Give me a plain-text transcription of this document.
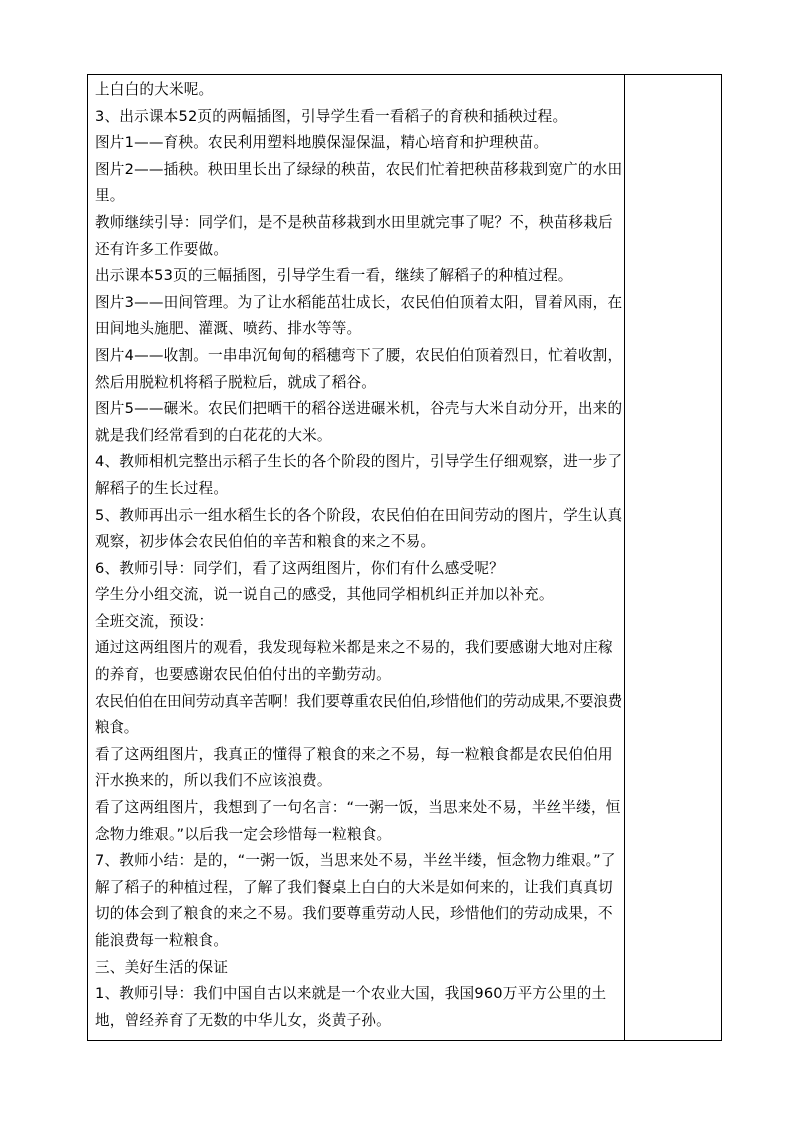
上白白的大米呢。

3、出示课本52页的两幅插图，引导学生看一看稻子的育秧和插秧过程。

图片1——育秧。农民利用塑料地膜保湿保温，精心培育和护理秧苗。

图片2——插秧。秧田里长出了绿绿的秧苗，农民们忙着把秧苗移栽到宽广的水田里。

教师继续引导：同学们，是不是秧苗移栽到水田里就完事了呢？不，秧苗移栽后还有许多工作要做。

出示课本53页的三幅插图，引导学生看一看，继续了解稻子的种植过程。

图片3——田间管理。为了让水稻能茁壮成长，农民伯伯顶着太阳，冒着风雨，在田间地头施肥、灌溉、喷药、排水等等。

图片4——收割。一串串沉甸甸的稻穗弯下了腰，农民伯伯顶着烈日，忙着收割，然后用脱粒机将稻子脱粒后，就成了稻谷。

图片5——碾米。农民们把晒干的稻谷送进碾米机，谷壳与大米自动分开，出来的就是我们经常看到的白花花的大米。

4、教师相机完整出示稻子生长的各个阶段的图片，引导学生仔细观察，进一步了解稻子的生长过程。

5、教师再出示一组水稻生长的各个阶段，农民伯伯在田间劳动的图片，学生认真观察，初步体会农民伯伯的辛苦和粮食的来之不易。

6、教师引导：同学们，看了这两组图片，你们有什么感受呢？

学生分小组交流，说一说自己的感受，其他同学相机纠正并加以补充。

全班交流，预设：

通过这两组图片的观看，我发现每粒米都是来之不易的，我们要感谢大地对庄稼的养育，也要感谢农民伯伯付出的辛勤劳动。

农民伯伯在田间劳动真辛苦啊！我们要尊重农民伯伯,珍惜他们的劳动成果,不要浪费粮食。

看了这两组图片，我真正的懂得了粮食的来之不易，每一粒粮食都是农民伯伯用汗水换来的，所以我们不应该浪费。

看了这两组图片，我想到了一句名言：“一粥一饭，当思来处不易，半丝半缕，恒念物力维艰。”以后我一定会珍惜每一粒粮食。

7、教师小结：是的，“一粥一饭，当思来处不易，半丝半缕，恒念物力维艰。”了解了稻子的种植过程，了解了我们餐桌上白白的大米是如何来的，让我们真真切切的体会到了粮食的来之不易。我们要尊重劳动人民，珍惜他们的劳动成果，不能浪费每一粒粮食。

三、美好生活的保证

1、教师引导：我们中国自古以来就是一个农业大国，我国960万平方公里的土地，曾经养育了无数的中华儿女，炎黄子孙。
